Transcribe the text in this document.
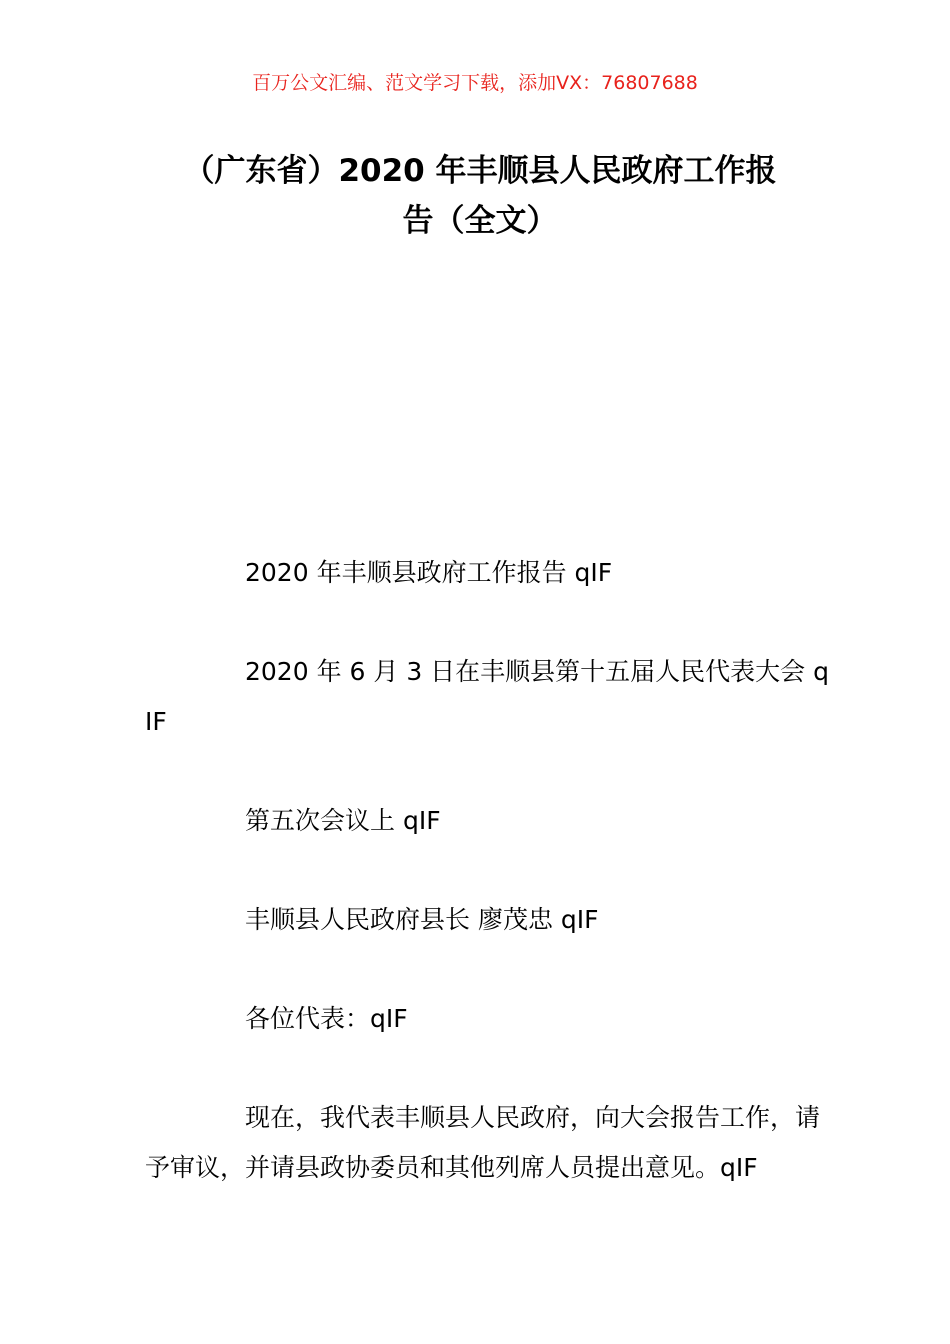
百万公文汇编、范文学习下载，添加VX：76807688
（广东省）2020 年丰顺县人民政府工作报
告（全文）

2020 年丰顺县政府工作报告 qIF

2020 年 6 月 3 日在丰顺县第十五届人民代表大会 qIF

第五次会议上 qIF

丰顺县人民政府县长 廖茂忠 qIF

各位代表：qIF

现在，我代表丰顺县人民政府，向大会报告工作，请予审议，并请县政协委员和其他列席人员提出意见。qIF
